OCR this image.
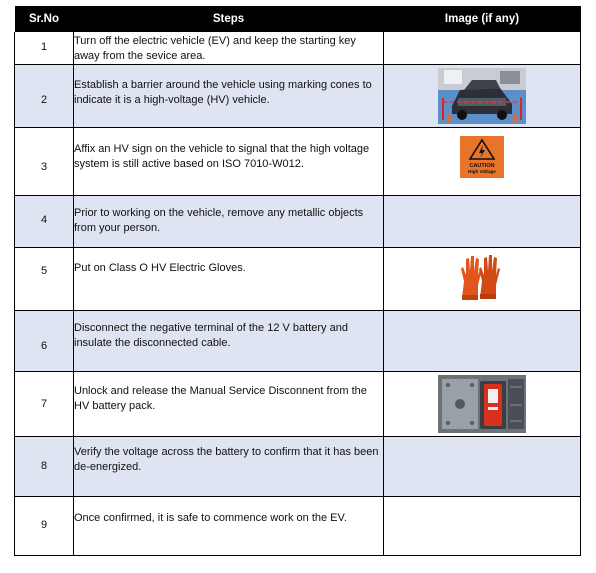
Sr.No	Steps	Image (if any)

1	Turn off the electric vehicle (EV) and keep the starting key away from the sevice area.	

2	Establish a barrier around the vehicle using marking cones to indicate it is a high-voltage (HV) vehicle.	

3	Affix an HV sign on the vehicle to signal that the high voltage system is still active based on ISO 7010-W012.	CAUTION
High Voltage

4	Prior to working on the vehicle, remove any metallic objects from your person.	

5	Put on Class O HV Electric Gloves.	

6	Disconnect the negative terminal of the 12 V battery and insulate the disconnected cable.	

7	Unlock and release the Manual Service Disconnent from the HV battery pack.	

8	Verify the voltage across the battery to confirm that it has been de-energized.	

9	Once confirmed, it is safe to commence work on the EV.	
